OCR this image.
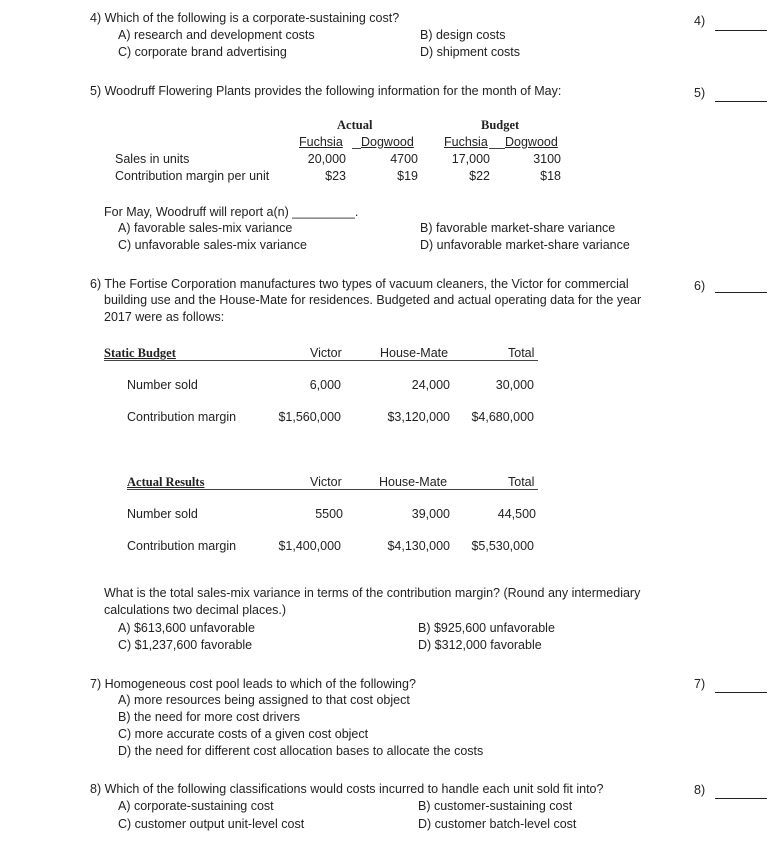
4) Which of the following is a corporate-sustaining cost?
A) research and development costs	B) design costs
C) corporate brand advertising	D) shipment costs
4)
5) Woodruff Flowering Plants provides the following information for the month of May:	5)
Actual	Budget
Fuchsia Dogwood Fuchsia Dogwood
Sales in units	20,000	4700	17,000	3100
Contribution margin per unit	$23	$19	$22	$18
For May, Woodruff will report a(n) _________.
A) favorable sales-mix variance	B) favorable market-share variance
C) unfavorable sales-mix variance	D) unfavorable market-share variance
6) The Fortise Corporation manufactures two types of vacuum cleaners, the Victor for commercial
building use and the House-Mate for residences. Budgeted and actual operating data for the year
2017 were as follows:
6)
Static Budget	Victor	House-Mate	Total
Number sold	6,000	24,000	30,000
Contribution margin	$1,560,000	$3,120,000	$4,680,000
Actual Results	Victor	House-Mate	Total
Number sold	5500	39,000	44,500
Contribution margin	$1,400,000	$4,130,000	$5,530,000
What is the total sales-mix variance in terms of the contribution margin? (Round any intermediary
calculations two decimal places.)
A) $613,600 unfavorable	B) $925,600 unfavorable
C) $1,237,600 favorable	D) $312,000 favorable
7) Homogeneous cost pool leads to which of the following?	7)
A) more resources being assigned to that cost object
B) the need for more cost drivers
C) more accurate costs of a given cost object
D) the need for different cost allocation bases to allocate the costs
8) Which of the following classifications would costs incurred to handle each unit sold fit into?	8)
A) corporate-sustaining cost	B) customer-sustaining cost
C) customer output unit-level cost	D) customer batch-level cost
